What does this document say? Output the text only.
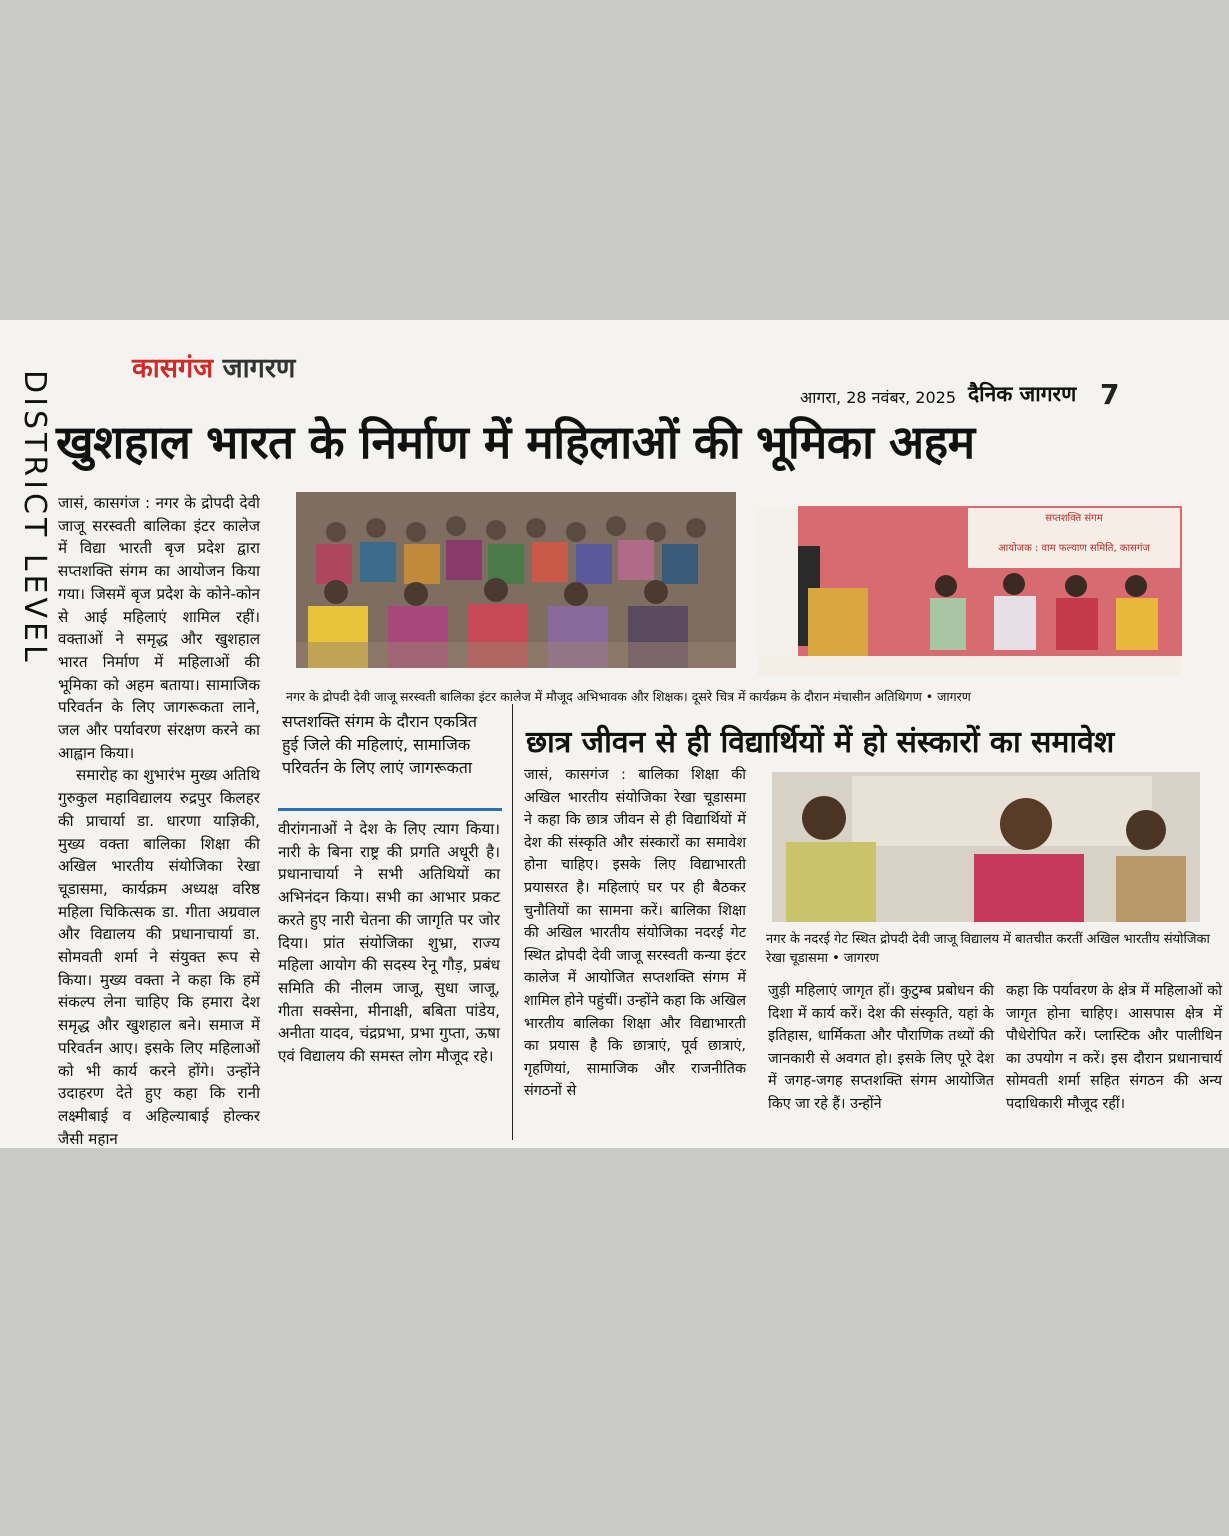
DISTRICT LEVEL
कासगंज जागरण
आगरा, 28 नवंबर, 2025 दैनिक जागरण 7
खुशहाल भारत के निर्माण में महिलाओं की भूमिका अहम

जासं, कासगंज : नगर के द्रोपदी देवी जाजू सरस्वती बालिका इंटर कालेज में विद्या भारती बृज प्रदेश द्वारा सप्तशक्ति संगम का आयोजन किया गया। जिसमें बृज प्रदेश के कोने-कोन से आई महिलाएं शामिल रहीं। वक्ताओं ने समृद्ध और खुशहाल भारत निर्माण में महिलाओं की भूमिका को अहम बताया। सामाजिक परिवर्तन के लिए जागरूकता लाने, जल और पर्यावरण संरक्षण करने का आह्वान किया।

समारोह का शुभारंभ मुख्य अतिथि गुरुकुल महाविद्यालय रुद्रपुर किलहर की प्राचार्या डा. धारणा याज्ञिकी, मुख्य वक्ता बालिका शिक्षा की अखिल भारतीय संयोजिका रेखा चूडासमा, कार्यक्रम अध्यक्ष वरिष्ठ महिला चिकित्सक डा. गीता अग्रवाल और विद्यालय की प्रधानाचार्या डा. सोमवती शर्मा ने संयुक्त रूप से किया। मुख्य वक्ता ने कहा कि हमें संकल्प लेना चाहिए कि हमारा देश समृद्ध और खुशहाल बने। समाज में परिवर्तन आए। इसके लिए महिलाओं को भी कार्य करने होंगे। उन्होंने उदाहरण देते हुए कहा कि रानी लक्ष्मीबाई व अहिल्याबाई होल्कर जैसी महान

सप्तशक्ति संगम
आयोजक : वाम फल्याण समिति, कासगंज
नगर के द्रोपदी देवी जाजू सरस्वती बालिका इंटर कालेज में मौजूद अभिभावक और शिक्षक। दूसरे चित्र में कार्यक्रम के दौरान मंचासीन अतिथिगण • जागरण
सप्तशक्ति संगम के दौरान एकत्रित हुई जिले की महिलाएं, सामाजिक परिवर्तन के लिए लाएं जागरूकता

वीरांगनाओं ने देश के लिए त्याग किया। नारी के बिना राष्ट्र की प्रगति अधूरी है। प्रधानाचार्या ने सभी अतिथियों का अभिनंदन किया। सभी का आभार प्रकट करते हुए नारी चेतना की जागृति पर जोर दिया। प्रांत संयोजिका शुभ्रा, राज्य महिला आयोग की सदस्य रेनू गौड़, प्रबंध समिति की नीलम जाजू, सुधा जाजू, गीता सक्सेना, मीनाक्षी, बबिता पांडेय, अनीता यादव, चंद्रप्रभा, प्रभा गुप्ता, ऊषा एवं विद्यालय की समस्त लोग मौजूद रहे।

छात्र जीवन से ही विद्यार्थियों में हो संस्कारों का समावेश

जासं, कासगंज : बालिका शिक्षा की अखिल भारतीय संयोजिका रेखा चूडासमा ने कहा कि छात्र जीवन से ही विद्यार्थियों में देश की संस्कृति और संस्कारों का समावेश होना चाहिए। इसके लिए विद्याभारती प्रयासरत है। महिलाएं घर पर ही बैठकर चुनौतियों का सामना करें। बालिका शिक्षा की अखिल भारतीय संयोजिका नदरई गेट स्थित द्रोपदी देवी जाजू सरस्वती कन्या इंटर कालेज में आयोजित सप्तशक्ति संगम में शामिल होने पहुंचीं। उन्होंने कहा कि अखिल भारतीय बालिका शिक्षा और विद्याभारती का प्रयास है कि छात्राएं, पूर्व छात्राएं, गृहणियां, सामाजिक और राजनीतिक संगठनों से

नगर के नदरई गेट स्थित द्रोपदी देवी जाजू विद्यालय में बातचीत करतीं अखिल भारतीय संयोजिका रेखा चूडासमा • जागरण

जुड़ी महिलाएं जागृत हों। कुटुम्ब प्रबोधन की दिशा में कार्य करें। देश की संस्कृति, यहां के इतिहास, धार्मिकता और पौराणिक तथ्यों की जानकारी से अवगत हो। इसके लिए पूरे देश में जगह-जगह सप्तशक्ति संगम आयोजित किए जा रहे हैं। उन्होंने

कहा कि पर्यावरण के क्षेत्र में महिलाओं को जागृत होना चाहिए। आसपास क्षेत्र में पौधेरोपित करें। प्लास्टिक और पालीथिन का उपयोग न करें। इस दौरान प्रधानाचार्य सोमवती शर्मा सहित संगठन की अन्य पदाधिकारी मौजूद रहीं।
